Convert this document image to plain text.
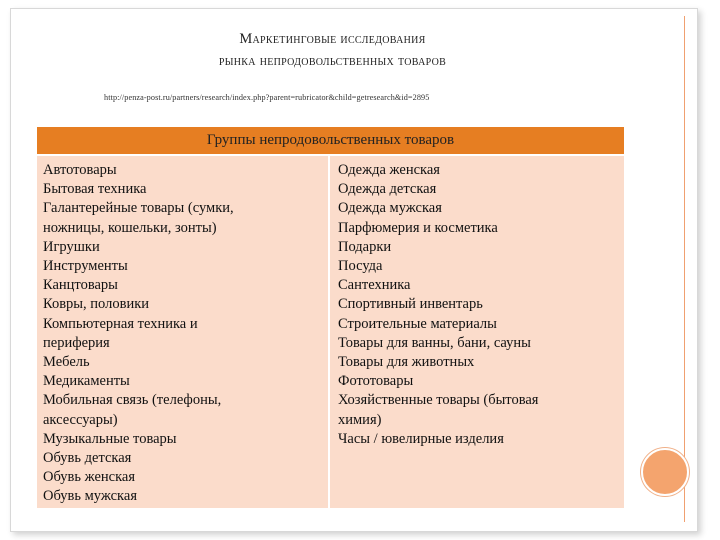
Маркетинговые исследования
рынка непродовольственных товаров
http://penza-post.ru/partners/research/index.php?parent=rubricator&child=getresearch&id=2895
Группы непродовольственных товаров
Автотовары
Бытовая техника
Галантерейные товары (сумки,
ножницы, кошельки, зонты)
Игрушки
Инструменты
Канцтовары
Ковры, половики
Компьютерная техника и
периферия
Мебель
Медикаменты
Мобильная связь (телефоны,
аксессуары)
Музыкальные товары
Обувь детская
Обувь женская
Обувь мужская
Одежда женская
Одежда детская
Одежда мужская
Парфюмерия и косметика
Подарки
Посуда
Сантехника
Спортивный инвентарь
Строительные материалы
Товары для ванны, бани, сауны
Товары для животных
Фототовары
Хозяйственные товары (бытовая
химия)
Часы / ювелирные изделия
